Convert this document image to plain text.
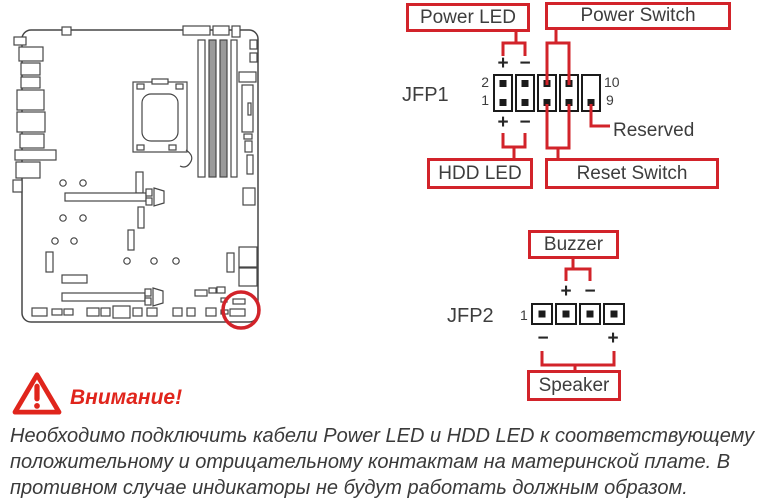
Power LED	Power Switch
HDD LED	Reset Switch
JFP1
2
1
10
9
+ −
+ −	Reserved
Buzzer
Speaker
JFP2 1
+ −
−	+
Внимание!
Необходимо подключить кабели Power LED и HDD LED к соответствующему
положительному и отрицательному контактам на материнской плате. В
противном случае индикаторы не будут работать должным образом.
